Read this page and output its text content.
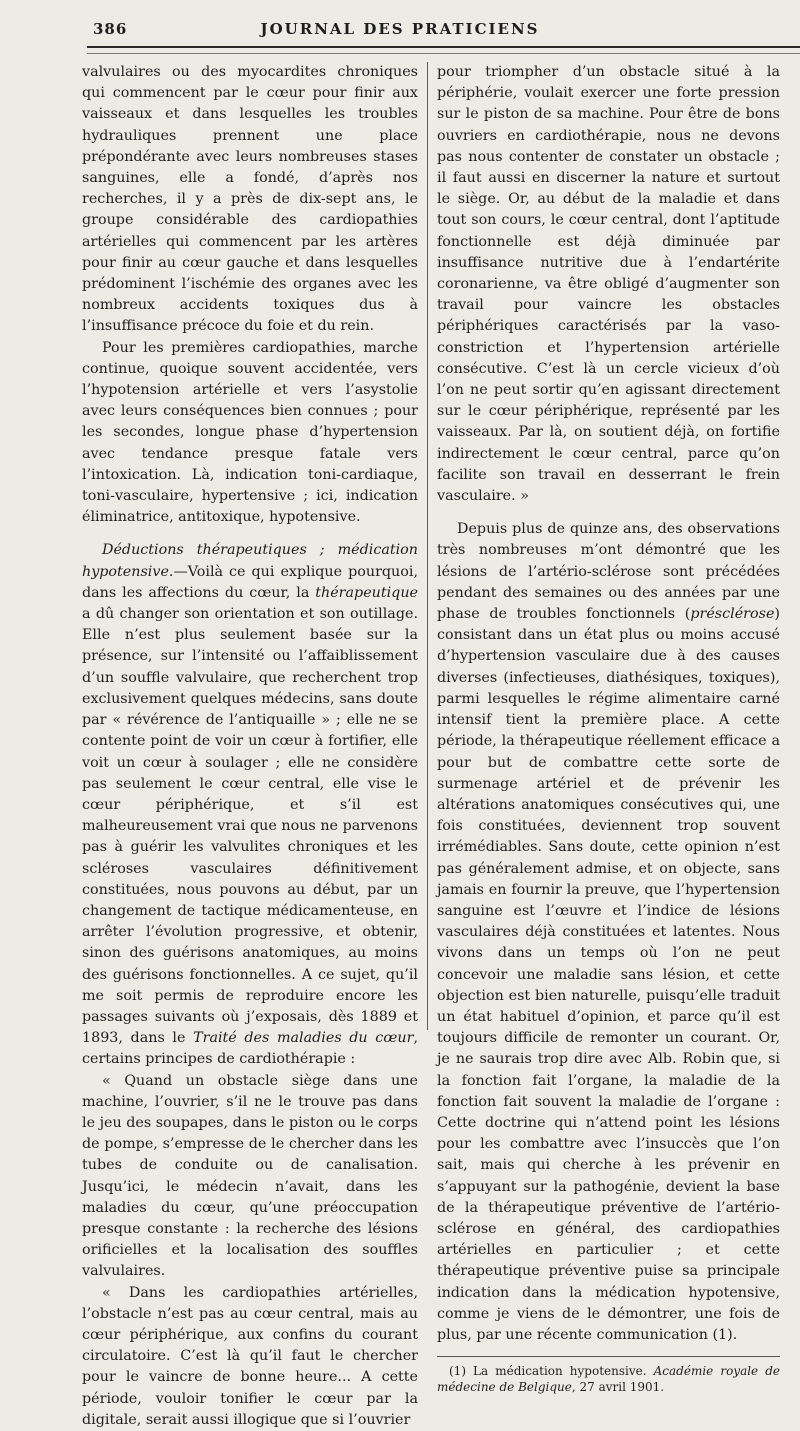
386	JOURNAL DES PRATICIENS

valvulaires ou des myocardites chroniques qui commencent par le cœur pour finir aux vaisseaux et dans lesquelles les troubles hydrauliques prennent une place prépondérante avec leurs nombreuses stases sanguines, elle a fondé, d’après nos recherches, il y a près de dix-sept ans, le groupe considérable des cardiopathies artérielles qui commencent par les artères pour finir au cœur gauche et dans lesquelles prédominent l’ischémie des organes avec les nombreux accidents toxiques dus à l’insuffisance précoce du foie et du rein.

Pour les premières cardiopathies, marche continue, quoique souvent accidentée, vers l’hypotension artérielle et vers l’asystolie avec leurs conséquences bien connues ; pour les secondes, longue phase d’hypertension avec tendance presque fatale vers l’intoxication. Là, indication toni-cardiaque, toni-vasculaire, hypertensive ; ici, indication éliminatrice, antitoxique, hypotensive.

Déductions thérapeutiques ; médication hypotensive.—Voilà ce qui explique pourquoi, dans les affections du cœur, la thérapeutique a dû changer son orientation et son outillage. Elle n’est plus seulement basée sur la présence, sur l’intensité ou l’affaiblissement d’un souffle valvulaire, que recherchent trop exclusivement quelques médecins, sans doute par « révérence de l’antiquaille » ; elle ne se contente point de voir un cœur à fortifier, elle voit un cœur à soulager ; elle ne considère pas seulement le cœur central, elle vise le cœur périphérique, et s’il est malheureusement vrai que nous ne parvenons pas à guérir les valvulites chroniques et les scléroses vasculaires définitivement constituées, nous pouvons au début, par un changement de tactique médicamenteuse, en arrêter l’évolution progressive, et obtenir, sinon des guérisons anatomiques, au moins des guérisons fonctionnelles. A ce sujet, qu’il me soit permis de reproduire encore les passages suivants où j’exposais, dès 1889 et 1893, dans le Traité des maladies du cœur, certains principes de cardiothérapie :

« Quand un obstacle siège dans une machine, l’ouvrier, s’il ne le trouve pas dans le jeu des soupapes, dans le piston ou le corps de pompe, s’empresse de le chercher dans les tubes de conduite ou de canalisation. Jusqu’ici, le médecin n’avait, dans les maladies du cœur, qu’une préoccupation presque constante : la recherche des lésions orificielles et la localisation des souffles valvulaires.

« Dans les cardiopathies artérielles, l’obstacle n’est pas au cœur central, mais au cœur périphérique, aux confins du courant circulatoire. C’est là qu’il faut le chercher pour le vaincre de bonne heure... A cette période, vouloir tonifier le cœur par la digitale, serait aussi illogique que si l’ouvrier

pour triompher d’un obstacle situé à la périphérie, voulait exercer une forte pression sur le piston de sa machine. Pour être de bons ouvriers en cardiothérapie, nous ne devons pas nous contenter de constater un obstacle ; il faut aussi en discerner la nature et surtout le siège. Or, au début de la maladie et dans tout son cours, le cœur central, dont l’aptitude fonctionnelle est déjà diminuée par insuffisance nutritive due à l’endartérite coronarienne, va être obligé d’augmenter son travail pour vaincre les obstacles périphériques caractérisés par la vaso-constriction et l’hypertension artérielle consécutive. C’est là un cercle vicieux d’où l’on ne peut sortir qu’en agissant directement sur le cœur périphérique, représenté par les vaisseaux. Par là, on soutient déjà, on fortifie indirectement le cœur central, parce qu’on facilite son travail en desserrant le frein vasculaire. »

Depuis plus de quinze ans, des observations très nombreuses m’ont démontré que les lésions de l’artério-sclérose sont précédées pendant des semaines ou des années par une phase de troubles fonctionnels (présclérose) consistant dans un état plus ou moins accusé d’hypertension vasculaire due à des causes diverses (infectieuses, diathésiques, toxiques), parmi lesquelles le régime alimentaire carné intensif tient la première place. A cette période, la thérapeutique réellement efficace a pour but de combattre cette sorte de surmenage artériel et de prévenir les altérations anatomiques consécutives qui, une fois constituées, deviennent trop souvent irrémédiables. Sans doute, cette opinion n’est pas généralement admise, et on objecte, sans jamais en fournir la preuve, que l’hypertension sanguine est l’œuvre et l’indice de lésions vasculaires déjà constituées et latentes. Nous vivons dans un temps où l’on ne peut concevoir une maladie sans lésion, et cette objection est bien naturelle, puisqu’elle traduit un état habituel d’opinion, et parce qu’il est toujours difficile de remonter un courant. Or, je ne saurais trop dire avec Alb. Robin que, si la fonction fait l’organe, la maladie de la fonction fait souvent la maladie de l’organe : Cette doctrine qui n’attend point les lésions pour les combattre avec l’insuccès que l’on sait, mais qui cherche à les prévenir en s’appuyant sur la pathogénie, devient la base de la thérapeutique préventive de l’artério-sclérose en général, des cardiopathies artérielles en particulier ; et cette thérapeutique préventive puise sa principale indication dans la médication hypotensive, comme je viens de le démontrer, une fois de plus, par une récente communication (1).

(1) La médication hypotensive. Académie royale de médecine de Belgique, 27 avril 1901.
